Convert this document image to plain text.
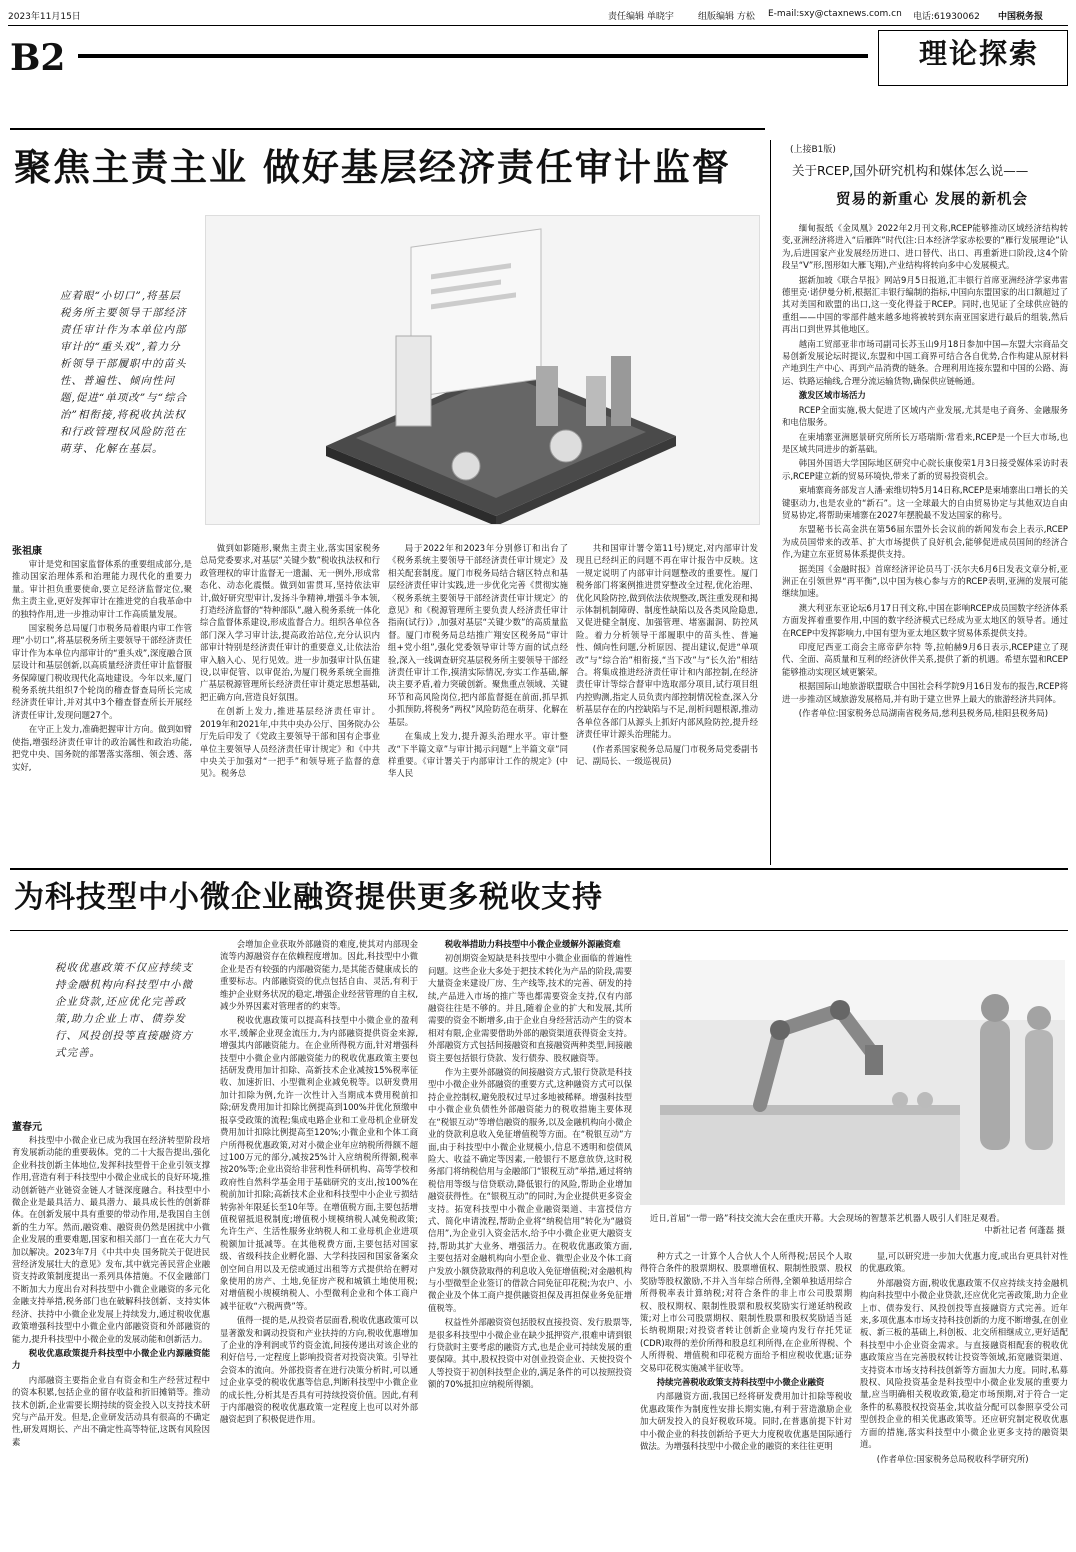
2023年11月15日	责任编辑 单晓宇	组版编辑 方松 E-mail:sxy@ctaxnews.com.cn 电话:61930062 中国税务报
B2	理论探索
聚焦主责主业 做好基层经济责任审计监督
应着眼“小切口”,将基层税务所主要领导干部经济责任审计作为本单位内部审计的“重头戏”,着力分析领导干部履职中的苗头性、普遍性、倾向性问题,促进“单项改”与“综合治”相衔接,将税收执法权和行政管理权风险防范在萌芽、化解在基层。
张祖康

审计是党和国家监督体系的重要组成部分,是推动国家治理体系和治理能力现代化的重要力量。审计担负重要使命,要立足经济监督定位,聚焦主责主业,更好发挥审计在推进党的自我革命中的独特作用,进一步推动审计工作高质量发展。

国家税务总局厦门市税务局着眼内审工作管理“小切口”,将基层税务所主要领导干部经济责任审计作为本单位内部审计的“重头戏”,深度融合顶层设计和基层创新,以高质量经济责任审计监督服务保障厦门税收现代化高地建设。今年以来,厦门税务系统共组织7个轮岗的稽查督查局所长完成经济责任审计,并对其中3个稽查督查所长开展经济责任审计,发现问题27个。

在守正上发力,准确把握审计方向。做到如臂使指,增强经济责任审计的政治属性和政治功能,把党中央、国务院的部署落实落细、领会透、落实好,

做到如影随形,聚焦主责主业,落实国家税务总局党委要求,对基层“关键少数”税收执法权和行政管理权的审计监督无一遗漏、无一例外,形成常态化、动态化震慑。做到如雷贯耳,坚持依法审计,做好研究型审计,发扬斗争精神,增强斗争本领,打造经济监督的“特种部队”,融入税务系统一体化综合监督体系建设,形成监督合力。组织各单位各部门深入学习审计法,提高政治站位,充分认识内部审计特别是经济责任审计的重要意义,让依法治审入脑入心、见行见效。进一步加强审计队伍建设,以审促管、以审促治,为厦门税务系统全面推广基层税源管理所长经济责任审计奠定思想基础,把正确方向,营造良好氛围。

在创新上发力,推进基层经济责任审计。2019年和2021年,中共中央办公厅、国务院办公厅先后印发了《党政主要领导干部和国有企事业单位主要领导人员经济责任审计规定》和《中共中央关于加强对“一把手”和领导班子监督的意见》。税务总

局于2022年和2023年分别修订和出台了《税务系统主要领导干部经济责任审计规定》及相关配套制度。厦门市税务局结合辖区特点和基层经济责任审计实践,进一步优化完善《贯彻实施〈税务系统主要领导干部经济责任审计规定〉的意见》和《税源管理所主要负责人经济责任审计指南(试行)》,加强对基层“关键少数”的高质量监督。厦门市税务局总结推广翔安区税务局“审计组+党小组”,强化党委领导审计等方面的试点经验,深入一线调查研究基层税务所主要领导干部经济责任审计工作,摸清实际情况,夯实工作基础,解决主要矛盾,着力突破创新。聚焦重点领域、关键环节和高风险岗位,把内部监督挺在前面,抓早抓小抓预防,将税务“两权”风险防范在萌芽、化解在基层。

在集成上发力,提升源头治理水平。审计整改“下半篇文章”与审计揭示问题“上半篇文章”同样重要。《审计署关于内部审计工作的规定》(中华人民

共和国审计署令第11号)规定,对内部审计发现且已经纠正的问题不再在审计报告中反映。这一规定说明了内部审计问题整改的重要性。厦门税务部门将案例推进贯穿整改全过程,优化治理、优化风险防控,做到依法依规整改,既注重发现和揭示体制机制障碍、制度性缺陷以及各类风险隐患,又促进健全制度、加强管理、堵塞漏洞、防控风险。着力分析领导干部履职中的苗头性、普遍性、倾向性问题,分析原因、提出建议,促进“单项改”与“综合治”相衔接,“当下改”与“长久治”相结合。将集成推进经济责任审计和内部控制,在经济责任审计等综合督审中选取部分项目,试行项目组内控购测,指定人员负责内部控制情况检查,深入分析基层存在的内控缺陷与不足,剖析问题根源,推动各单位各部门从源头上抓好内部风险防控,提升经济责任审计源头治理能力。

(作者系国家税务总局厦门市税务局党委副书记、副局长、一级巡视员)

(上接B1版)
关于RCEP,国外研究机构和媒体怎么说——
贸易的新重心 发展的新机会

缅甸报纸《金凤凰》2022年2月刊文称,RCEP能够推动区域经济结构转变,亚洲经济将进入“后雁阵”时代(注:日本经济学家赤松要的“雁行发展理论”认为,后进国家产业发展经历进口、进口替代、出口、再重新进口阶段,这4个阶段呈“V”形,图形如大雁飞翔),产业结构将转向多中心发展模式。

据新加坡《联合早报》网站9月5日报道,汇丰银行首席亚洲经济学家弗雷德里克·诺伊曼分析,根据汇丰银行编制的指标,中国向东盟国家的出口额超过了其对美国和欧盟的出口,这一变化得益于RCEP。同时,也见证了全球供应链的重组——中国的零部件越来越多地将被转到东南亚国家进行最后的组装,然后再出口到世界其他地区。

越南工贸部亚非市场司副司长苏玉山9月18日参加中国—东盟大宗商品交易创新发展论坛时提议,东盟和中国工商界可结合各自优势,合作构建从原材料产地到生产中心、再到产品消费的链条。合理利用连接东盟和中国的公路、海运、铁路运输线,合理分流运输货物,确保供应链畅通。

激发区域市场活力

RCEP全面实施,极大促进了区域内产业发展,尤其是电子商务、金融服务和电信服务。

在柬埔寨亚洲愿景研究所所长万塔瑞斯·常看来,RCEP是一个巨大市场,也是区域共同进步的新基础。

韩国外国语大学国际地区研究中心院长康俊荣1月3日接受媒体采访时表示,RCEP建立新的贸易环境快,带来了新的贸易投资机会。

柬埔寨商务部发言人潘·索维切特5月14日称,RCEP是柬埔寨出口增长的关键驱动力,也是农业的“新石”。这一全球最大的自由贸易协定与其他双边自由贸易协定,将帮助柬埔寨在2027年摆脱最不发达国家的称号。

东盟秘书长高金洪在第56届东盟外长会议前的新闻发布会上表示,RCEP为成员国带来的改革、扩大市场提供了良好机会,能够促进成员国间的经济合作,为建立东亚贸易体系提供支持。

据美国《金融时报》首席经济评论员马丁·沃尔夫6月6日发表文章分析,亚洲正在引领世界“再平衡”,以中国为核心参与方的RCEP表明,亚洲的发展可能继续加速。

澳大利亚东亚论坛6月17日刊文称,中国在影响RCEP成员国数字经济体系方面发挥着重要作用,中国的数字经济模式已经成为亚太地区的领导者。通过在RCEP中发挥影响力,中国有望为亚太地区数字贸易体系提供支持。

印度尼西亚工商会主席帝萨尔特 等,拉帕赫9月6日表示,RCEP建立了现代、全面、高质量和互利的经济伙伴关系,提供了新的机遇。希望东盟和RCEP能够推动实现区域更繁荣。

根据国际山地旅游联盟联合中国社会科学院9月16日发布的报告,RCEP将进一步推动区域旅游发展格局,并有助于建立世界上最大的旅游经济共同体。

(作者单位:国家税务总局湖南省税务局,慈利县税务局,桂阳县税务局)

为科技型中小微企业融资提供更多税收支持
税收优惠政策不仅应持续支持金融机构向科技型中小微企业贷款,还应优化完善政策,助力企业上市、债券发行、风投创投等直接融资方式完善。
董春元

科技型中小微企业已成为我国在经济转型阶段培育发展新动能的重要载体。党的二十大报告提出,强化企业科技创新主体地位,发挥科技型骨干企业引领支撑作用,营造有利于科技型中小微企业成长的良好环境,推动创新链产业链资金链人才链深度融合。科技型中小微企业是最具活力、最具潜力、最具成长性的创新群体。在创新发展中具有重要的带动作用,是我国自主创新的生力军。然而,融资难、融资贵仍然是困扰中小微企业发展的重要难题,国家和相关部门一直在花大力气加以解决。2023年7月《中共中央 国务院关于促进民营经济发展壮大的意见》发布,其中就完善民营企业融资支持政策制度提出一系列具体措施。不仅金融部门不断加大力度出台对科技型中小微企业融资的多元化金融支持举措,税务部门也在破解科技创新、支持实体经济、扶持中小微企业发展上持续发力,通过税收优惠政策增强科技型中小微企业内部融资资和外部融资的能力,提升科技型中小微企业的发展动能和创新活力。

税收优惠政策提升科技型中小微企业内源融资能力

内部融资主要指企业自有资金和生产经营过程中的资本积累,包括企业的留存收益和折旧摊销等。推动技术创新,企业需要长期持续的资金投入以支持技术研究与产品开发。但是,企业研发活动具有很高的不确定性,研发周期长、产出不确定性高等特征,这既有风险因素

会增加企业获取外部融资的难度,使其对内部现金流等内源融资存在依赖程度增加。因此,科技型中小微企业是否有较强的内部融资能力,是其能否健康成长的重要标志。内部融资资的优点包括自由、灵活,有利于维护企业财务状况的稳定,增强企业经营管理的自主权,减少外界因素对管理者的约束等。

税收优惠政策可以提高科技型中小微企业的盈利水平,缓解企业现金流压力,为内部融资提供资金来源,增强其内部融资能力。在企业所得税方面,针对增强科技型中小微企业内部融资能力的税收优惠政策主要包括研发费用加计扣除、高新技术企业减按15%税率征收、加速折旧、小型微利企业减免税等。以研发费用加计扣除为例,允许一次性计入当期成本费用税前扣除;研发费用加计扣除比例提高到100%并优化预缴申报享受政策的流程;集成电路企业和工业母机企业研发费用加计扣除比例提高至120%;小微企业和个体工商户所得税优惠政策,对对小微企业年应纳税所得额不超过100万元的部分,减按25%计入应纳税所得额,税率按20%等;企业出资给非营利性科研机构、高等学校和政府性自然科学基金用于基础研究的支出,按100%在税前加计扣除;高新技术企业和科技型中小企业亏损结转弥补年限延长至10年等。在增值税方面,主要包括增值税留抵退税制度;增值税小规模纳税人减免税政策;允许生产、生活性服务业纳税人和工业母机企业进项税额加计抵减等。在其他税费方面,主要包括对国家级、省级科技企业孵化器、大学科技园和国家备案众创空间自用以及无偿或通过出租等方式提供给在孵对象使用的房产、土地,免征房产税和城镇土地使用税;对增值税小规模纳税人、小型微利企业和个体工商户减半征收“六税两费”等。

值得一提的是,从投资者层面看,税收优惠政策可以显著激发和调动投资和产业扶持的方向,税收优惠增加了企业的净利润或节约资金流,间接传递出对该企业的利好信号,一定程度上影响投资者对投资决策。引导社会资本的流向。外部投资者在进行决策分析时,可以通过企业享受的税收优惠等信息,判断科技型中小微企业的成长性,分析其是否具有可持续投资价值。因此,有利于内部融资的税收优惠政策一定程度上也可以对外部融资起到了积极促进作用。

税收举措助力科技型中小微企业缓解外源融资难

初创期资金短缺是科技型中小微企业面临的普遍性问题。这些企业大多处于把技术转化为产品的阶段,需要大量资金来建设厂房、生产线等,技术的完善、研发的持续,产品进入市场的推广等也都需要资金支持,仅有内部融资往往是不够的。并且,随着企业的扩大和发展,其所需要的资金不断增多,由于企业自身经营活动产生的资本相对有限,企业需要借助外部的融资渠道获得资金支持。外部融资方式包括间接融资和直接融资两种类型,间接融资主要包括银行贷款、发行债券、股权融资等。

作为主要外部融资的间接融资方式,银行贷款是科技型中小微企业外部融资的重要方式,这种融资方式可以保持企业控制权,避免股权过早过多地被稀释。增强科技型中小微企业负债性外部融资能力的税收措施主要体现在“税银互动”等增信融资的服务,以及金融机构向小微企业的贷款利息收入免征增值税等方面。在“税银互动”方面,由于科技型中小微企业规模小,信息不透明和偿债风险大、收益不确定等因素,一般银行不愿意放贷,这时税务部门将纳税信用与金融部门“银税互动”举措,通过将纳税信用等级与信贷联动,降低银行的风险,帮助企业增加融资获得性。在“银税互动”的同时,为企业提供更多资金支持。拓宽科技型中小微企业融资渠道、丰富授信方式、简化申请流程,帮助企业将“纳税信用”转化为“融资信用”,为企业引入资金活水,给予中小微企业更大融资支持,帮助其扩大业务、增强活力。在税收优惠政策方面,主要包括对金融机构向小型企业、微型企业及个体工商户发放小额贷款取得的利息收入免征增值税;对金融机构与小型微型企业签订的借款合同免征印花税;为农户、小微企业及个体工商户提供融资担保及再担保业务免征增值税等。

权益性外部融资资包括股权直接投资、发行股票等,是很多科技型中小微企业在缺少抵押资产,很难申请到银行贷款时主要考虑的融资方式,也是企业可持续发展的重要保障。其中,股权投资中对创业投资企业、天使投资个人等投资于初创科技型企业的,满足条件的可以按照投资额的70%抵扣应纳税所得额。

近日,首届“一带一路”科技交流大会在重庆开幕。大会现场的智慧茶艺机器人吸引人们驻足观看。
中新社记者 何蓬磊 摄

种方式之一计算个人合伙人个人所得税;居民个人取得符合条件的股票期权、股票增值权、限制性股票、股权奖励等股权激励,不并入当年综合所得,全额单独适用综合所得税率表计算纳税;对符合条件的非上市公司股票期权、股权期权、限制性股票和股权奖励实行递延纳税政策;对上市公司股票期权、限制性股票和股权奖励适当延长纳税期限;对投资者转让创新企业境内发行存托凭证(CDR)取得的差价所得和股息红利所得,在企业所得税、个人所得税、增值税和印花税方面给予相应税收优惠;证券交易印花税实施减半征收等。

持续完善税收政策支持科技型中小微企业融资

内部融资方面,我国已经将研发费用加计扣除等税收优惠政策作为制度性安排长期实施,有利于营造激励企业加大研发投入的良好税收环境。同时,在普惠前提下针对中小微企业的科技创新给予更大力度税收优惠是国际通行做法。为增强科技型中小微企业的融资的来往往更明

显,可以研究进一步加大优惠力度,或出台更具针对性的优惠政策。

外部融资方面,税收优惠政策不仅应持续支持金融机构向科技型中小微企业贷款,还应优化完善政策,助力企业上市、债券发行、风投创投等直接融资方式完善。近年来,多项优惠本市场支持科技创新的力度不断增强,在创业板、新三板的基础上,科创板、北交所相继成立,更好适配科技型中小企业资金需求。与直接融资相配套的税收优惠政策应当在完善股权转让投资等领域,拓宽融资渠道、支持资本市场支持科技创新等方面加大力度。同时,私募股权、风险投资基金是科技型中小微企业发展的重要力量,应当明确相关税收政策,稳定市场预期,对于符合一定条件的私募股权投资基金,其收益分配可以参照享受公司型创投企业的相关优惠政策等。还应研究制定税收优惠方面的措施,落实科技型中小微企业更多支持的融资渠道。

(作者单位:国家税务总局税收科学研究所)
